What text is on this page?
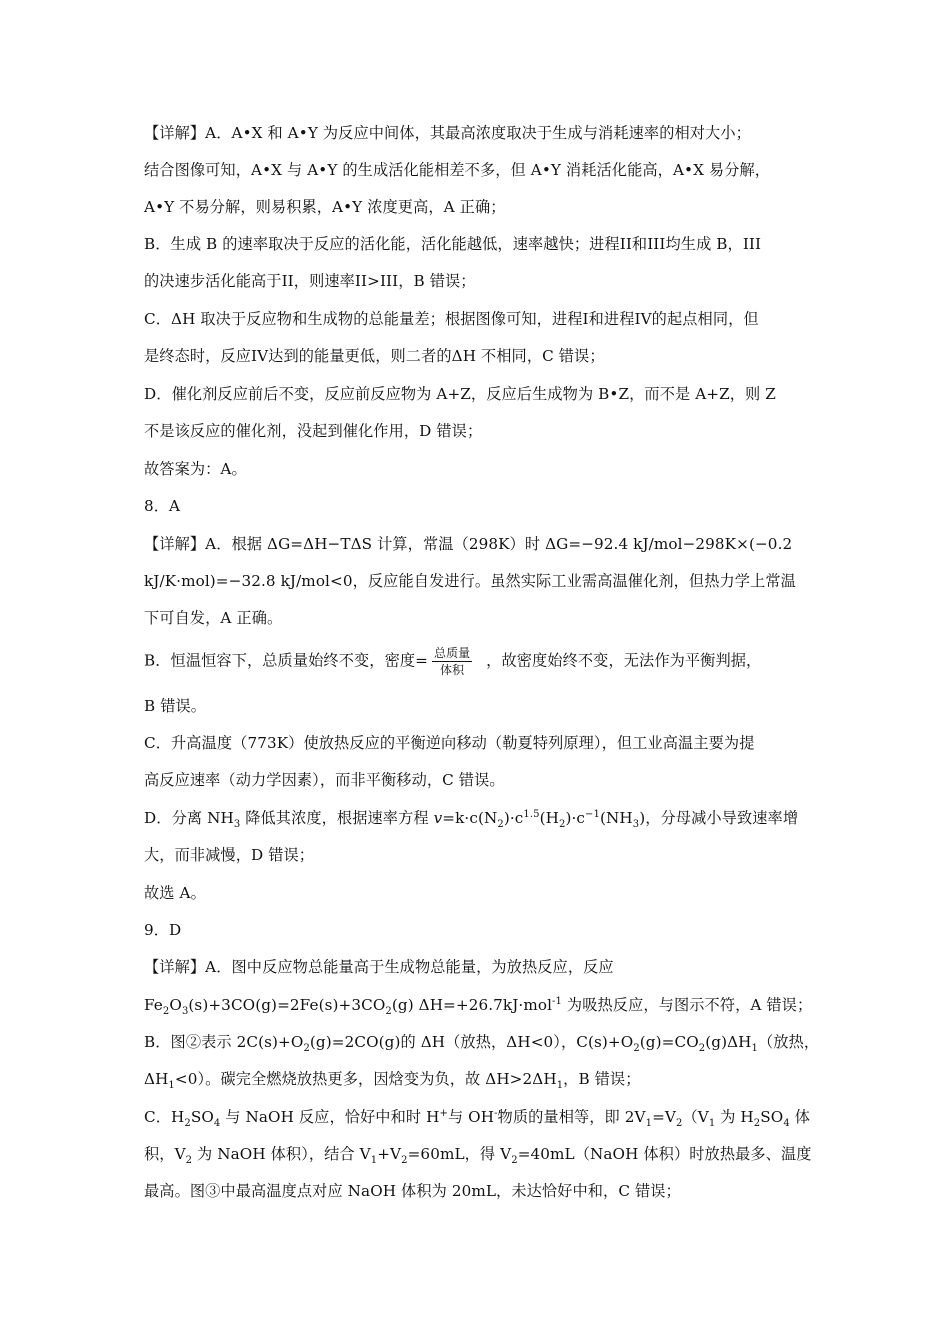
【详解】A．A•X 和 A•Y 为反应中间体，其最高浓度取决于生成与消耗速率的相对大小；
结合图像可知，A•X 与 A•Y 的生成活化能相差不多，但 A•Y 消耗活化能高，A•X 易分解，
A•Y 不易分解，则易积累，A•Y 浓度更高，A 正确；
B．生成 B 的速率取决于反应的活化能，活化能越低，速率越快；进程II和III均生成 B，III
的决速步活化能高于II，则速率II>III，B 错误；
C．ΔH 取决于反应物和生成物的总能量差；根据图像可知，进程I和进程IV的起点相同，但
是终态时，反应IV达到的能量更低，则二者的ΔH 不相同，C 错误；
D．催化剂反应前后不变，反应前反应物为 A+Z，反应后生成物为 B•Z，而不是 A+Z，则 Z
不是该反应的催化剂，没起到催化作用，D 错误；
故答案为：A。
8．A
【详解】A．根据 ΔG=ΔH−TΔS 计算，常温（298K）时 ΔG=−92.4 kJ/mol−298K×(−0.2
kJ/K·mol)=−32.8 kJ/mol<0，反应能自发进行。虽然实际工业需高温催化剂，但热力学上常温
下可自发，A 正确。
B．恒温恒容下，总质量始终不变，密度= $\frac{\text{总质量}}{\text{体积}}$ ，故密度始终不变，无法作为平衡判据，
B 错误。
C．升高温度（773K）使放热反应的平衡逆向移动（勒夏特列原理），但工业高温主要为提
高反应速率（动力学因素），而非平衡移动，C 错误。
D．分离 $NH_3$ 降低其浓度，根据速率方程 $v=k\cdot c(N_2)\cdot c^{1.5}(H_2)\cdot c^{-1}(NH_3)$，分母减小导致速率增
大，而非减慢，D 错误；
故选 A。
9．D
【详解】A．图中反应物总能量高于生成物总能量，为放热反应，反应
$Fe_2O_3(s)+3CO(g)=2Fe(s)+3CO_2(g)$ ΔH=+26.7kJ·mol$^{-1}$ 为吸热反应，与图示不符，A 错误；
B．图②表示 $2C(s)+O_2(g)=2CO(g)$的 ΔH（放热，ΔH<0），$C(s)+O_2(g)=CO_2(g)\Delta H_1$（放热，
$\Delta H_1<0$）。碳完全燃烧放热更多，因焓变为负，故 $\Delta H>2\Delta H_1$，B 错误；
C．$H_2SO_4$ 与 NaOH 反应，恰好中和时 H+与 OH-物质的量相等，即 $2V_1=V_2(V_1$ 为 $H_2SO_4$ 体
积，$V_2$ 为 NaOH 体积），结合 $V_1+V_2=60mL$，得 $V_2=40mL(NaOH$ 体积）时放热最多、温度
最高。图③中最高温度点对应 NaOH 体积为 20mL，未达恰好中和，C 错误；
